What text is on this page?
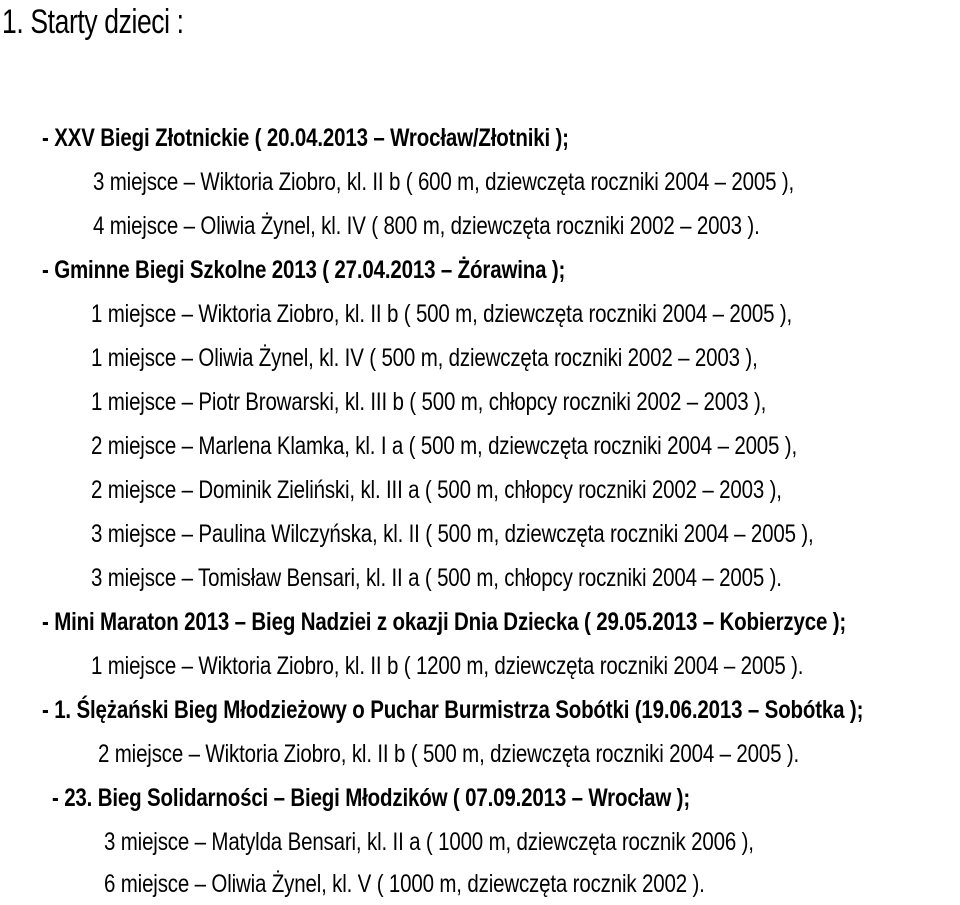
1. Starty dzieci :
- XXV Biegi Złotnickie ( 20.04.2013 – Wrocław/Złotniki );
3 miejsce – Wiktoria Ziobro, kl. II b ( 600 m, dziewczęta roczniki 2004 – 2005 ),
4 miejsce – Oliwia Żynel, kl. IV ( 800 m, dziewczęta roczniki 2002 – 2003 ).
- Gminne Biegi Szkolne 2013 ( 27.04.2013 – Żórawina );
1 miejsce – Wiktoria Ziobro, kl. II b ( 500 m, dziewczęta roczniki 2004 – 2005 ),
1 miejsce – Oliwia Żynel, kl. IV ( 500 m, dziewczęta roczniki 2002 – 2003 ),
1 miejsce – Piotr Browarski, kl. III b ( 500 m, chłopcy roczniki 2002 – 2003 ),
2 miejsce – Marlena Klamka, kl. I a ( 500 m, dziewczęta roczniki 2004 – 2005 ),
2 miejsce – Dominik Zieliński, kl. III a ( 500 m, chłopcy roczniki 2002 – 2003 ),
3 miejsce – Paulina Wilczyńska, kl. II ( 500 m, dziewczęta roczniki 2004 – 2005 ),
3 miejsce – Tomisław Bensari, kl. II a ( 500 m, chłopcy roczniki 2004 – 2005 ).
- Mini Maraton 2013 – Bieg Nadziei z okazji Dnia Dziecka ( 29.05.2013 – Kobierzyce );
1 miejsce – Wiktoria Ziobro, kl. II b ( 1200 m, dziewczęta roczniki 2004 – 2005 ).
- 1. Ślężański Bieg Młodzieżowy o Puchar Burmistrza Sobótki (19.06.2013 – Sobótka );
2 miejsce – Wiktoria Ziobro, kl. II b ( 500 m, dziewczęta roczniki 2004 – 2005 ).
- 23. Bieg Solidarności – Biegi Młodzików ( 07.09.2013 – Wrocław );
3 miejsce – Matylda Bensari, kl. II a ( 1000 m, dziewczęta rocznik 2006 ),
6 miejsce – Oliwia Żynel, kl. V ( 1000 m, dziewczęta rocznik 2002 ).
